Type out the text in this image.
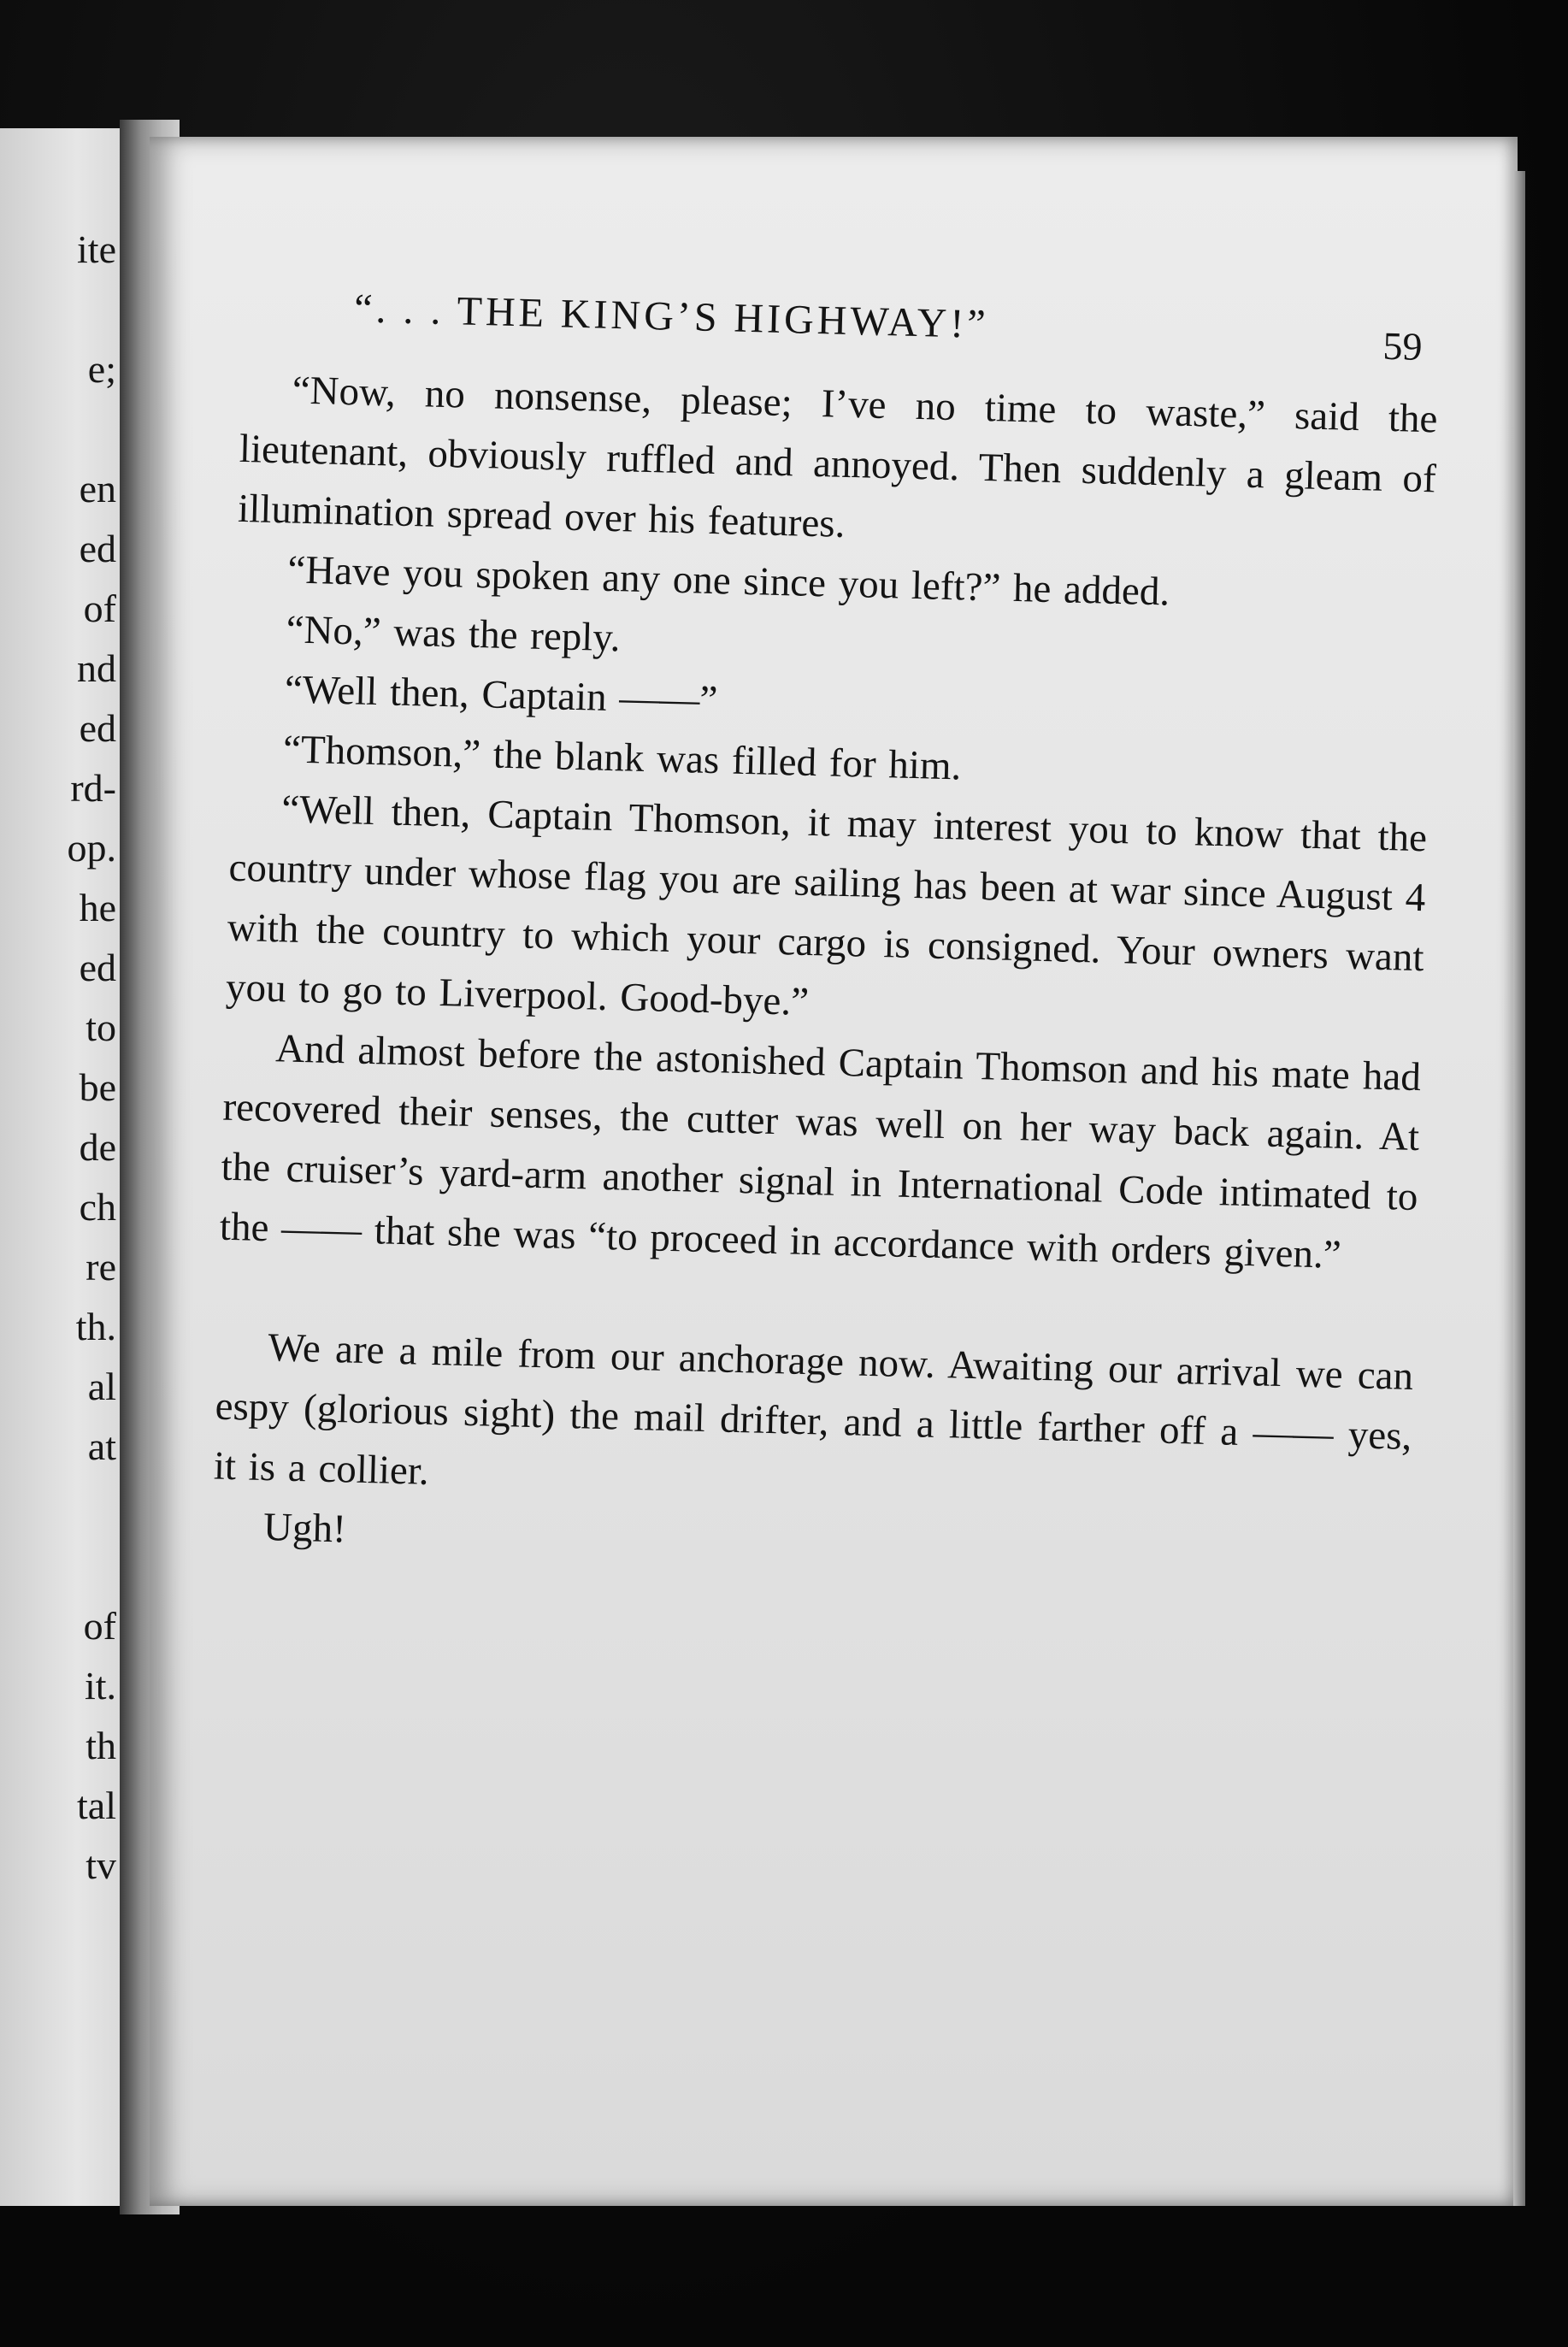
ite
e;
en
ed
of
nd
ed
rd-
op.
he
ed
to
be
de
ch
re
th.
al
at
of
it.
th
tal
tv
“. . . THE KING’S HIGHWAY!”	59

“Now, no nonsense, please; I’ve no time to waste,” said the lieutenant, obviously ruffled and annoyed. Then suddenly a gleam of illumination spread over his features.

“Have you spoken any one since you left?” he added.

“No,” was the reply.

“Well then, Captain ——”

“Thomson,” the blank was filled for him.

“Well then, Captain Thomson, it may interest you to know that the country under whose flag you are sailing has been at war since August 4 with the country to which your cargo is consigned. Your owners want you to go to Liverpool. Good-bye.”

And almost before the astonished Captain Thomson and his mate had recovered their senses, the cutter was well on her way back again. At the cruiser’s yard-arm another signal in International Code intimated to the —— that she was “to proceed in accordance with orders given.”

We are a mile from our anchorage now. Awaiting our arrival we can espy (glorious sight) the mail drifter, and a little farther off a —— yes, it is a collier.

Ugh!
